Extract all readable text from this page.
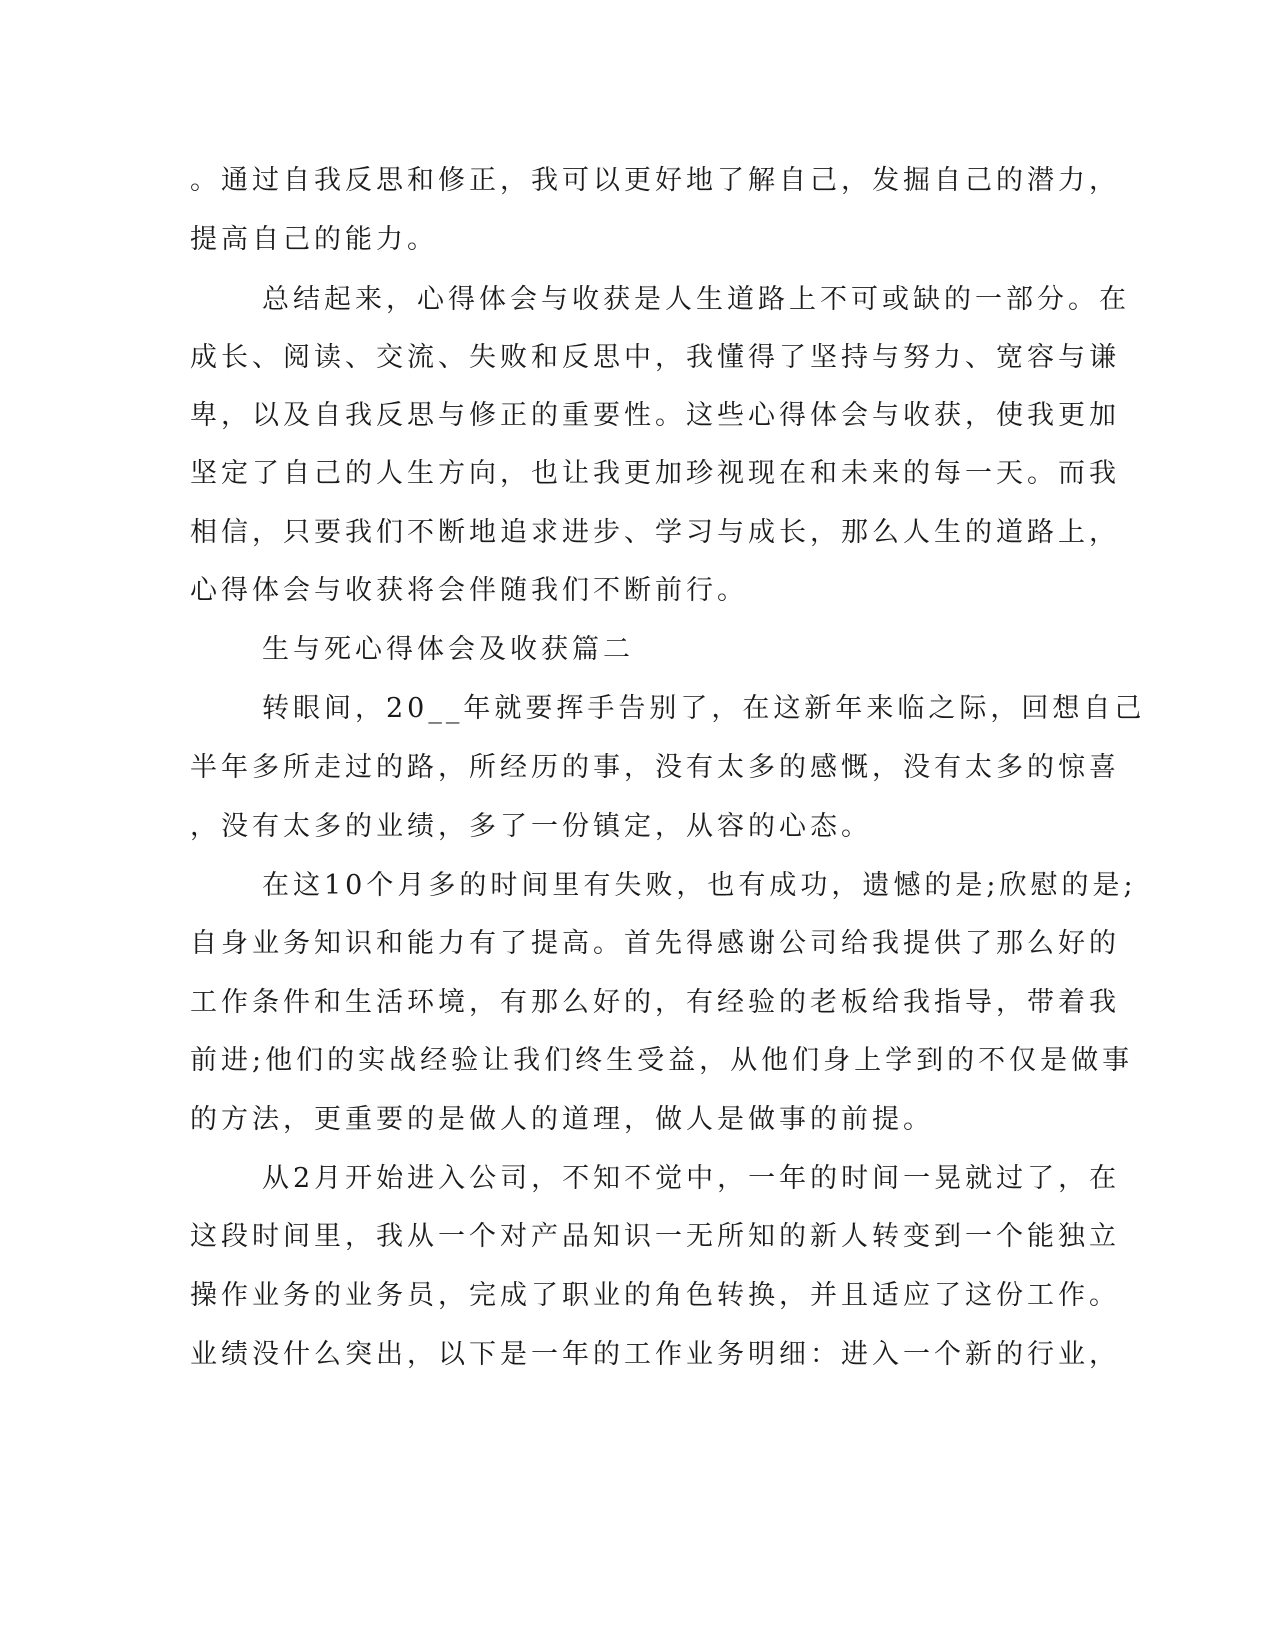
。通过自我反思和修正，我可以更好地了解自己，发掘自己的潜力，
提高自己的能力。
总结起来，心得体会与收获是人生道路上不可或缺的一部分。在
成长、阅读、交流、失败和反思中，我懂得了坚持与努力、宽容与谦
卑，以及自我反思与修正的重要性。这些心得体会与收获，使我更加
坚定了自己的人生方向，也让我更加珍视现在和未来的每一天。而我
相信，只要我们不断地追求进步、学习与成长，那么人生的道路上，
心得体会与收获将会伴随我们不断前行。
生与死心得体会及收获篇二
转眼间，20__年就要挥手告别了，在这新年来临之际，回想自己
半年多所走过的路，所经历的事，没有太多的感慨，没有太多的惊喜
，没有太多的业绩，多了一份镇定，从容的心态。
在这10个月多的时间里有失败，也有成功，遗憾的是;欣慰的是;
自身业务知识和能力有了提高。首先得感谢公司给我提供了那么好的
工作条件和生活环境，有那么好的，有经验的老板给我指导，带着我
前进;他们的实战经验让我们终生受益，从他们身上学到的不仅是做事
的方法，更重要的是做人的道理，做人是做事的前提。
从2月开始进入公司，不知不觉中，一年的时间一晃就过了，在
这段时间里，我从一个对产品知识一无所知的新人转变到一个能独立
操作业务的业务员，完成了职业的角色转换，并且适应了这份工作。
业绩没什么突出，以下是一年的工作业务明细：进入一个新的行业，
